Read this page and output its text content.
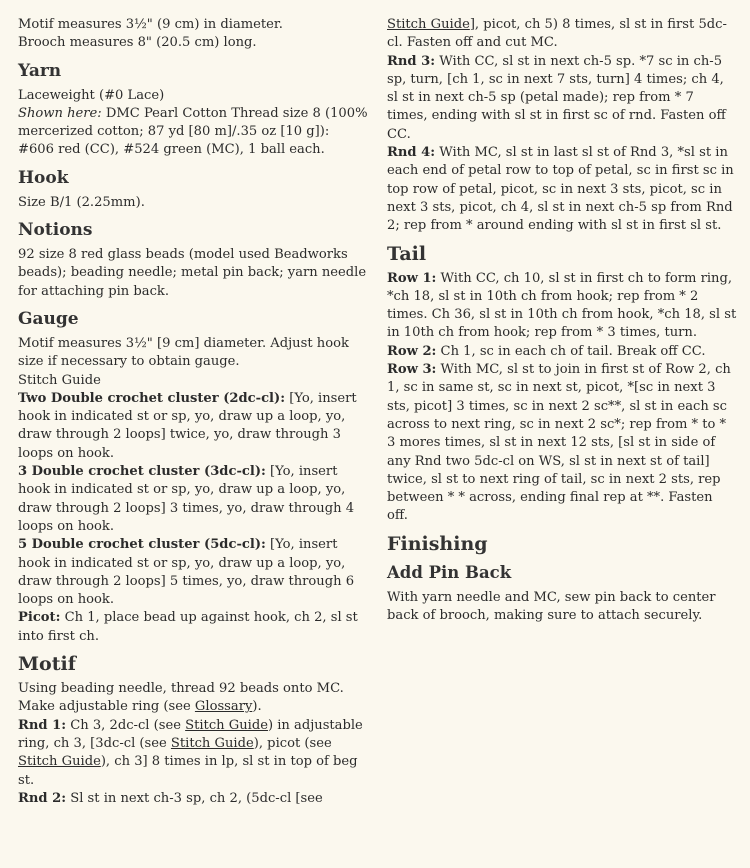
Motif measures 3½" (9 cm) in diameter.

Brooch measures 8" (20.5 cm) long.

Yarn

Laceweight (#0 Lace)

Shown here: DMC Pearl Cotton Thread size 8 (100% mercerized cotton; 87 yd [80 m]/.35 oz [10 g]): #606 red (CC), #524 green (MC), 1 ball each.

Hook

Size B/1 (2.25mm).

Notions

92 size 8 red glass beads (model used Beadworks beads); beading needle; metal pin back; yarn needle for attaching pin back.

Gauge

Motif measures 3½" [9 cm] diameter. Adjust hook size if necessary to obtain gauge.

Stitch Guide

Two Double crochet cluster (2dc-cl): [Yo, insert hook in indicated st or sp, yo, draw up a loop, yo, draw through 2 loops] twice, yo, draw through 3 loops on hook.

3 Double crochet cluster (3dc-cl): [Yo, insert hook in indicated st or sp, yo, draw up a loop, yo, draw through 2 loops] 3 times, yo, draw through 4 loops on hook.

5 Double crochet cluster (5dc-cl): [Yo, insert hook in indicated st or sp, yo, draw up a loop, yo, draw through 2 loops] 5 times, yo, draw through 6 loops on hook.

Picot: Ch 1, place bead up against hook, ch 2, sl st into first ch.

Motif

Using beading needle, thread 92 beads onto MC. Make adjustable ring (see Glossary).

Rnd 1: Ch 3, 2dc-cl (see Stitch Guide) in adjustable ring, ch 3, [3dc-cl (see Stitch Guide), picot (see Stitch Guide), ch 3] 8 times in lp, sl st in top of beg st.

Rnd 2: Sl st in next ch-3 sp, ch 2, (5dc-cl [see

Stitch Guide], picot, ch 5) 8 times, sl st in first 5dc-cl. Fasten off and cut MC.

Rnd 3: With CC, sl st in next ch-5 sp. *7 sc in ch-5 sp, turn, [ch 1, sc in next 7 sts, turn] 4 times; ch 4, sl st in next ch-5 sp (petal made); rep from * 7 times, ending with sl st in first sc of rnd. Fasten off CC.

Rnd 4: With MC, sl st in last sl st of Rnd 3, *sl st in each end of petal row to top of petal, sc in first sc in top row of petal, picot, sc in next 3 sts, picot, sc in next 3 sts, picot, ch 4, sl st in next ch-5 sp from Rnd 2; rep from * around ending with sl st in first sl st.

Tail

Row 1: With CC, ch 10, sl st in first ch to form ring, *ch 18, sl st in 10th ch from hook; rep from * 2 times. Ch 36, sl st in 10th ch from hook, *ch 18, sl st in 10th ch from hook; rep from * 3 times, turn.

Row 2: Ch 1, sc in each ch of tail. Break off CC.

Row 3: With MC, sl st to join in first st of Row 2, ch 1, sc in same st, sc in next st, picot, *[sc in next 3 sts, picot] 3 times, sc in next 2 sc**, sl st in each sc across to next ring, sc in next 2 sc*; rep from * to * 3 mores times, sl st in next 12 sts, [sl st in side of any Rnd two 5dc-cl on WS, sl st in next st of tail] twice, sl st to next ring of tail, sc in next 2 sts, rep between * * across, ending final rep at **. Fasten off.

Finishing
Add Pin Back

With yarn needle and MC, sew pin back to center back of brooch, making sure to attach securely.
